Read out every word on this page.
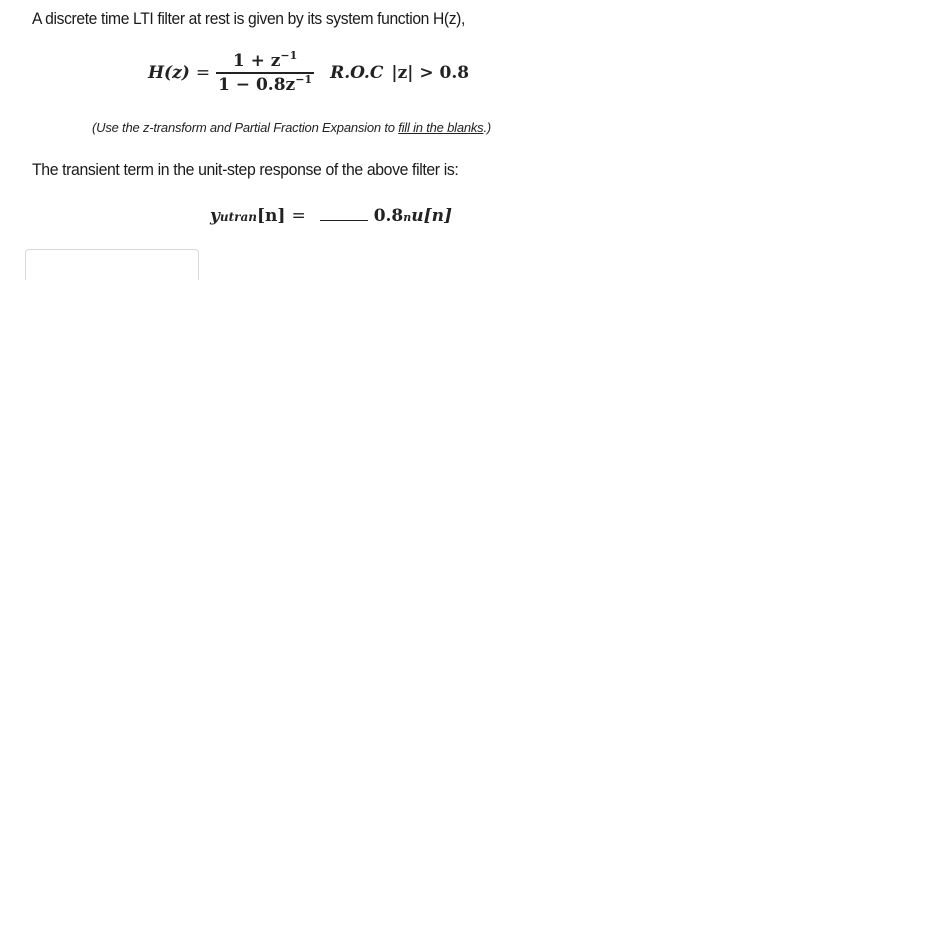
A discrete time LTI filter at rest is given by its system function H(z),
$H(z) = \frac{1 + z^{-1}}{1 - 0.8z^{-1}} R.O.C$ |z| > 0.8
(Use the z-transform and Partial Fraction Expansion to fill in the blanks.)
The transient term in the unit-step response of the above filter is:
y utran [n] =	0.8 n u[n]
